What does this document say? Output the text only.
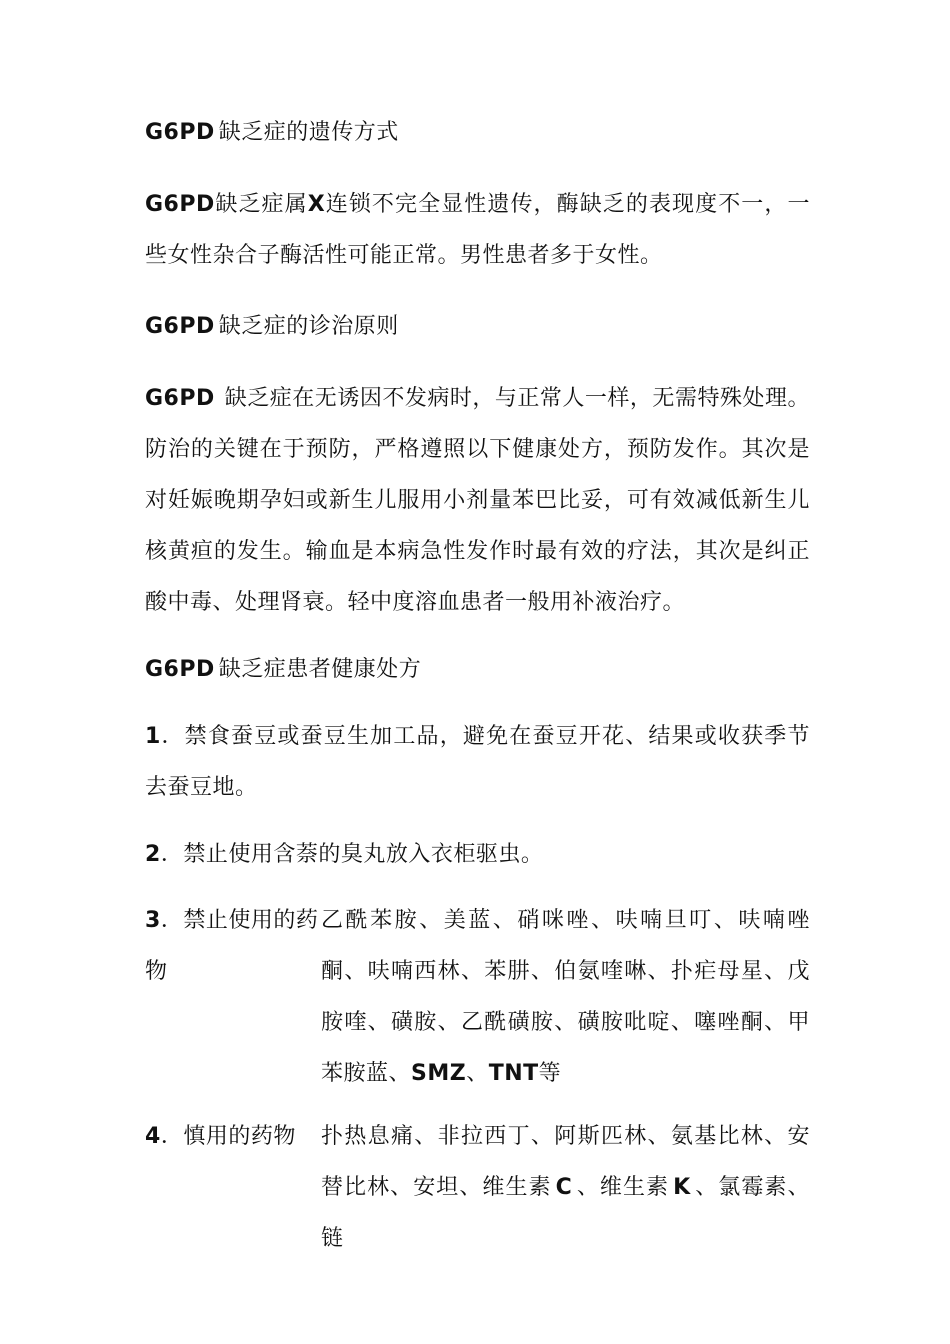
G6PD 缺乏症的遗传方式

G6PD缺乏症属X连锁不完全显性遗传，酶缺乏的表现度不一，一些女性杂合子酶活性可能正常。男性患者多于女性。

G6PD 缺乏症的诊治原则

G6PD 缺乏症在无诱因不发病时，与正常人一样，无需特殊处理。防治的关键在于预防，严格遵照以下健康处方，预防发作。其次是对妊娠晚期孕妇或新生儿服用小剂量苯巴比妥，可有效减低新生儿核黄疸的发生。输血是本病急性发作时最有效的疗法，其次是纠正酸中毒、处理肾衰。轻中度溶血患者一般用补液治疗。

G6PD 缺乏症患者健康处方

1．禁食蚕豆或蚕豆生加工品，避免在蚕豆开花、结果或收获季节去蚕豆地。

2．禁止使用含萘的臭丸放入衣柜驱虫。

3．禁止使用的药物
乙酰苯胺、美蓝、硝咪唑、呋喃旦叮、呋喃唑酮、呋喃西林、苯肼、伯氨喹啉、扑疟母星、戊胺喹、磺胺、乙酰磺胺、磺胺吡啶、噻唑酮、甲苯胺蓝、SMZ、TNT等
4．慎用的药物	扑热息痛、非拉西丁、阿斯匹林、氨基比林、安替比林、安坦、维生素 C 、维生素 K 、氯霉素、链
